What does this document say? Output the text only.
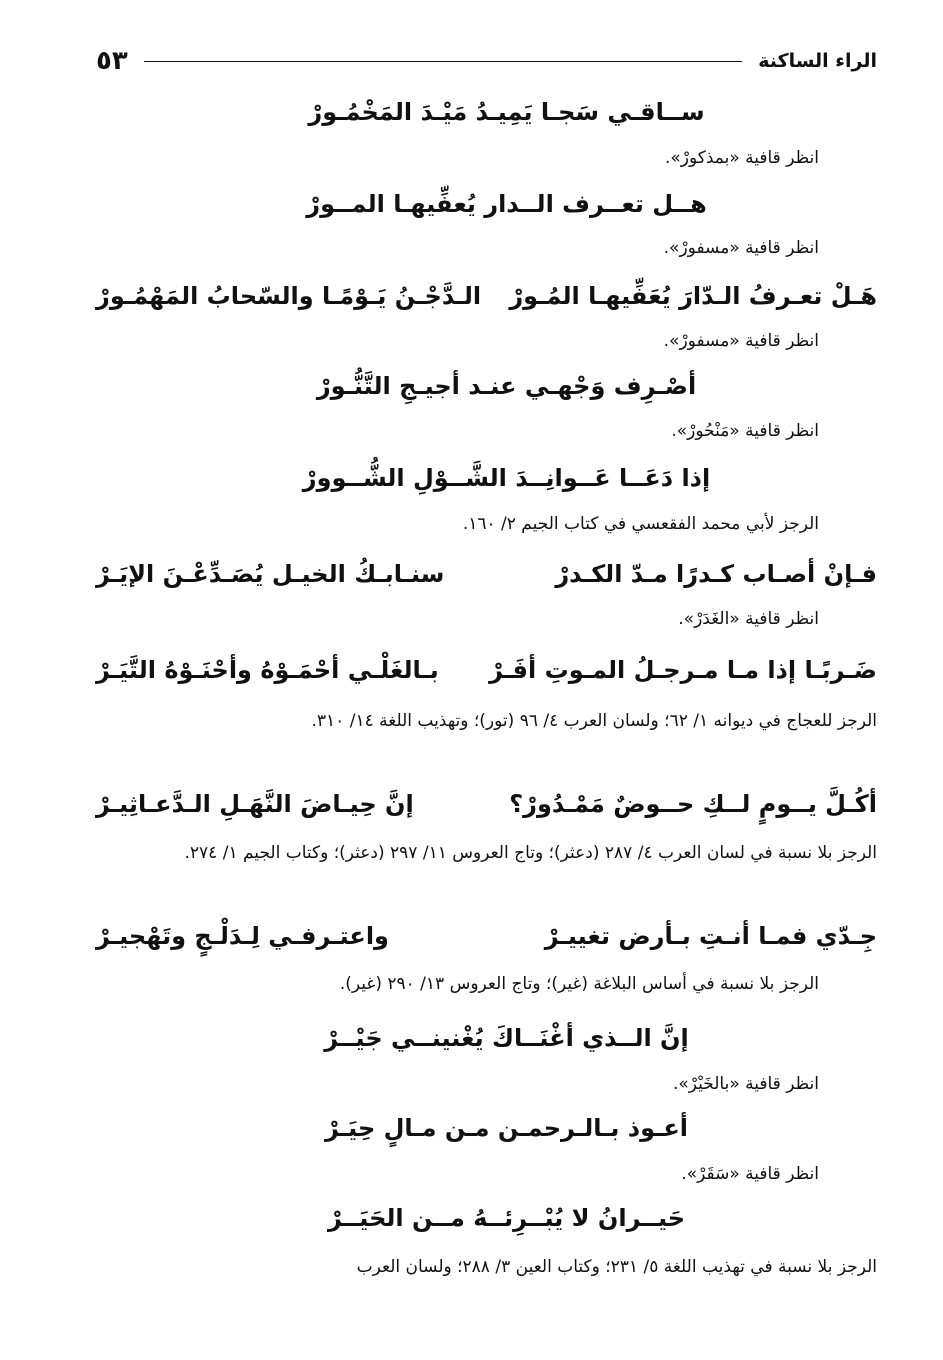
الراء الساكنة
٥٣
ســاقـي سَجـا يَمِيـدُ مَيْـدَ المَخْمُـورْ
انظر قافية «بمذكورْ».
هــل تعــرف الــدار يُعفِّيهـا المــورْ
انظر قافية «مسفورْ».
هَـلْ تعـرفُ الـدّارَ يُعَفِّيهـا المُـورْ
الـدَّجْـنُ يَـوْمًـا والسّحابُ المَهْمُـورْ
انظر قافية «مسفورْ».
أصْـرِف وَجْهـي عنـد أجيـجِ التَّنُّـورْ
انظر قافية «مَنْحُورْ».
إذا دَعَــا عَــوانِــدَ الشَّــوْلِ الشُّــوورْ
الرجز لأبي محمد الفقعسي في كتاب الجيم ٢/ ١٦٠.
فـإنْ أصـاب كـدرًا مـدّ الكـدرْ
سنـابـكُ الخيـل يُصَـدِّعْـنَ الإيَـرْ
انظر قافية «الغَدَرْ».
ضَـربًـا إذا مـا مـرجـلُ المـوتِ أفَـرْ
بـالغَلْـي أحْمَـوْهُ وأحْنَـوْهُ التَّيَـرْ
الرجز للعجاج في ديوانه ١/ ٦٢؛ ولسان العرب ٤/ ٩٦ (تور)؛ وتهذيب اللغة ١٤/ ٣١٠.
أكُـلَّ يــومٍ لــكِ حــوضٌ مَمْـدُورْ؟
إنَّ حِيـاضَ النَّهَـلِ الـدَّعـاثِيـرْ
الرجز بلا نسبة في لسان العرب ٤/ ٢٨٧ (دعثر)؛ وتاج العروس ١١/ ٢٩٧ (دعثر)؛ وكتاب الجيم ١/ ٢٧٤.
جِـدّي فمـا أنـتِ بـأرض تغييـرْ
واعتـرفـي لِـدَلْـجٍ وتَهْجيـرْ
الرجز بلا نسبة في أساس البلاغة (غير)؛ وتاج العروس ١٣/ ٢٩٠ (غير).
إنَّ الــذي أغْنَــاكَ يُغْنينــي جَيْــرْ
انظر قافية «بالخَيْرْ».
أعـوذ بـالـرحمـن مـن مـالٍ حِيَـرْ
انظر قافية «سَقَرْ».
حَيــرانُ لا يُبْــرِئــهُ مــن الحَيَــرْ
الرجز بلا نسبة في تهذيب اللغة ٥/ ٢٣١؛ وكتاب العين ٣/ ٢٨٨؛ ولسان العرب
